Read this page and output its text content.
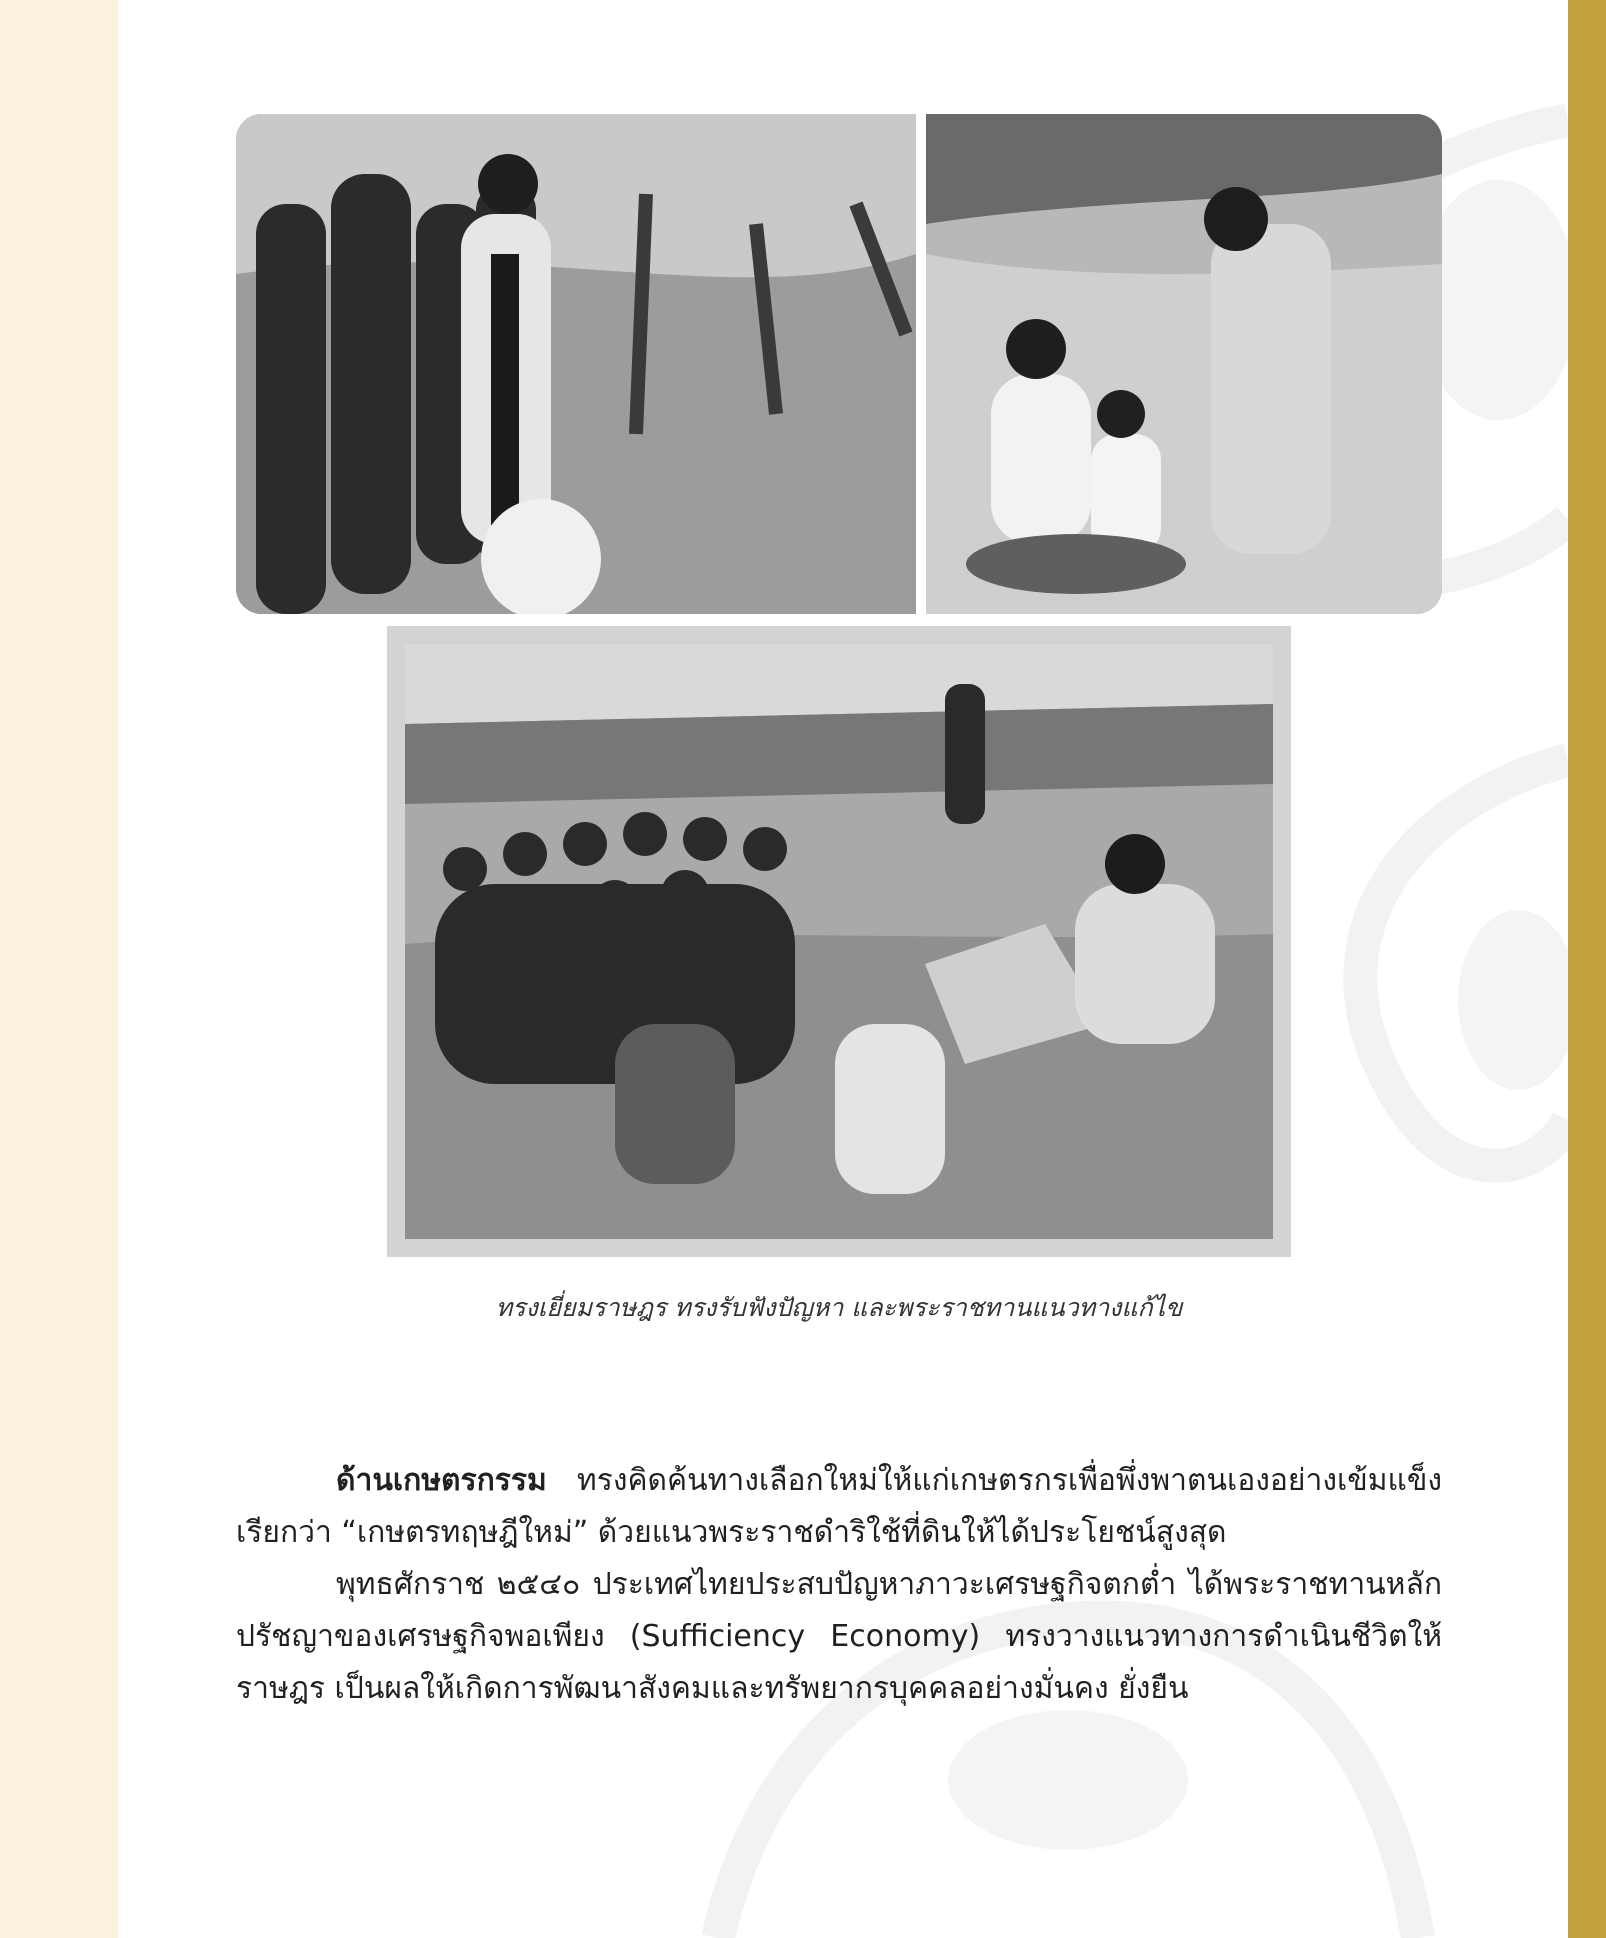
ทรงเยี่ยมราษฎร ทรงรับฟังปัญหา และพระราชทานแนวทางแก้ไข

ด้านเกษตรกรรม ทรงคิดค้นทางเลือกใหม่ให้แก่เกษตรกรเพื่อพึ่งพาตนเองอย่างเข้มแข็ง เรียกว่า “เกษตรทฤษฎีใหม่” ด้วยแนวพระราชดำริใช้ที่ดินให้ได้ประโยชน์สูงสุด

พุทธศักราช ๒๕๔๐ ประเทศไทยประสบปัญหาภาวะเศรษฐกิจตกต่ำ ได้พระราชทานหลักปรัชญาของเศรษฐกิจพอเพียง (Sufficiency Economy) ทรงวางแนวทางการดำเนินชีวิตให้ราษฎร เป็นผลให้เกิดการพัฒนาสังคมและทรัพยากรบุคคลอย่างมั่นคง ยั่งยืน
